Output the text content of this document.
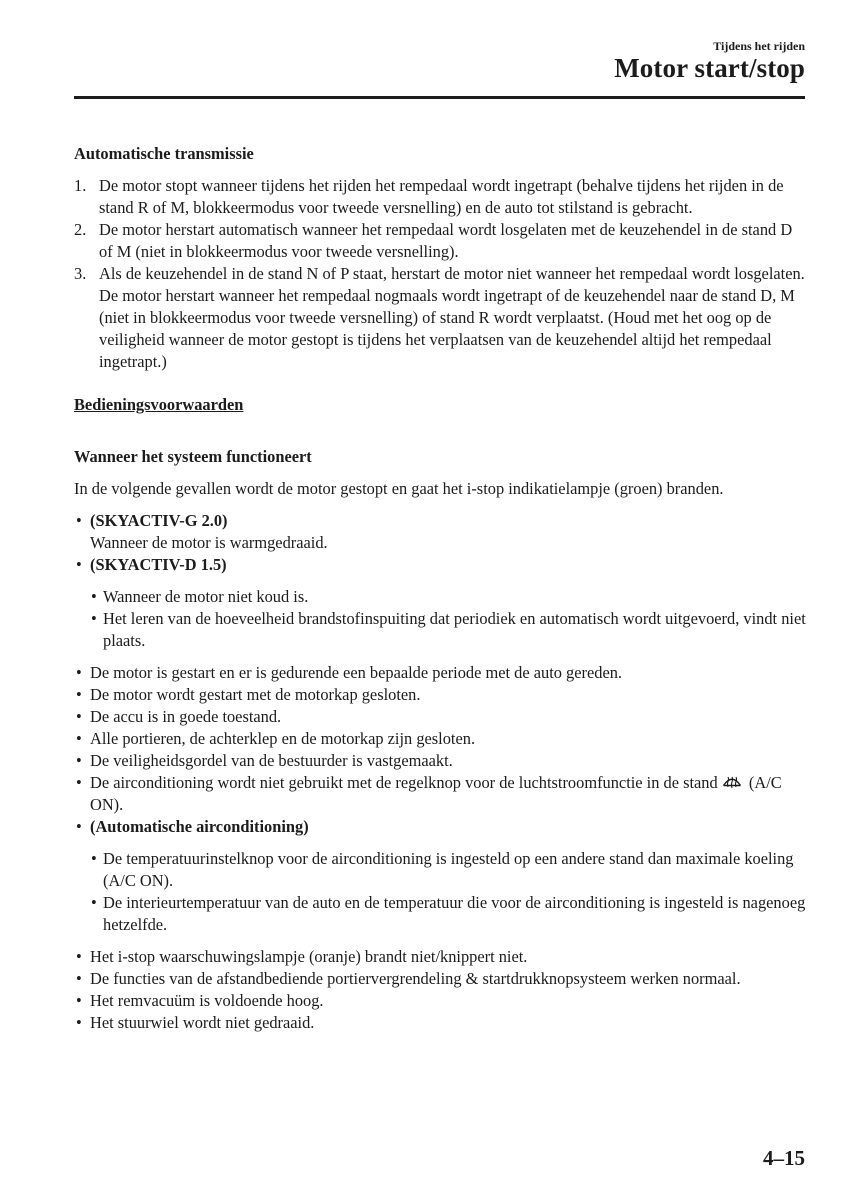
Tijdens het rijden
Motor start/stop

Automatische transmissie

1. De motor stopt wanneer tijdens het rijden het rempedaal wordt ingetrapt (behalve tijdens het rijden in de stand R of M, blokkeermodus voor tweede versnelling) en de auto tot stilstand is gebracht.
2. De motor herstart automatisch wanneer het rempedaal wordt losgelaten met de keuzehendel in de stand D of M (niet in blokkeermodus voor tweede versnelling).
3. Als de keuzehendel in de stand N of P staat, herstart de motor niet wanneer het rempedaal wordt losgelaten. De motor herstart wanneer het rempedaal nogmaals wordt ingetrapt of de keuzehendel naar de stand D, M (niet in blokkeermodus voor tweede versnelling) of stand R wordt verplaatst. (Houd met het oog op de veiligheid wanneer de motor gestopt is tijdens het verplaatsen van de keuzehendel altijd het rempedaal ingetrapt.)

Bedieningsvoorwaarden

Wanneer het systeem functioneert

In de volgende gevallen wordt de motor gestopt en gaat het i-stop indikatielampje (groen) branden.

• (SKYACTIV-G 2.0)

Wanneer de motor is warmgedraaid.

• (SKYACTIV-D 1.5)
• Wanneer de motor niet koud is.
• Het leren van de hoeveelheid brandstofinspuiting dat periodiek en automatisch wordt uitgevoerd, vindt niet plaats.
• De motor is gestart en er is gedurende een bepaalde periode met de auto gereden.
• De motor wordt gestart met de motorkap gesloten.
• De accu is in goede toestand.
• Alle portieren, de achterklep en de motorkap zijn gesloten.
• De veiligheidsgordel van de bestuurder is vastgemaakt.
• De airconditioning wordt niet gebruikt met de regelknop voor de luchtstroomfunctie in de stand (A/C ON).
• (Automatische airconditioning)
• De temperatuurinstelknop voor de airconditioning is ingesteld op een andere stand dan maximale koeling (A/C ON).
• De interieurtemperatuur van de auto en de temperatuur die voor de airconditioning is ingesteld is nagenoeg hetzelfde.
• Het i-stop waarschuwingslampje (oranje) brandt niet/knippert niet.
• De functies van de afstandbediende portiervergrendeling & startdrukknopsysteem werken normaal.
• Het remvacuüm is voldoende hoog.
• Het stuurwiel wordt niet gedraaid.
4–15
